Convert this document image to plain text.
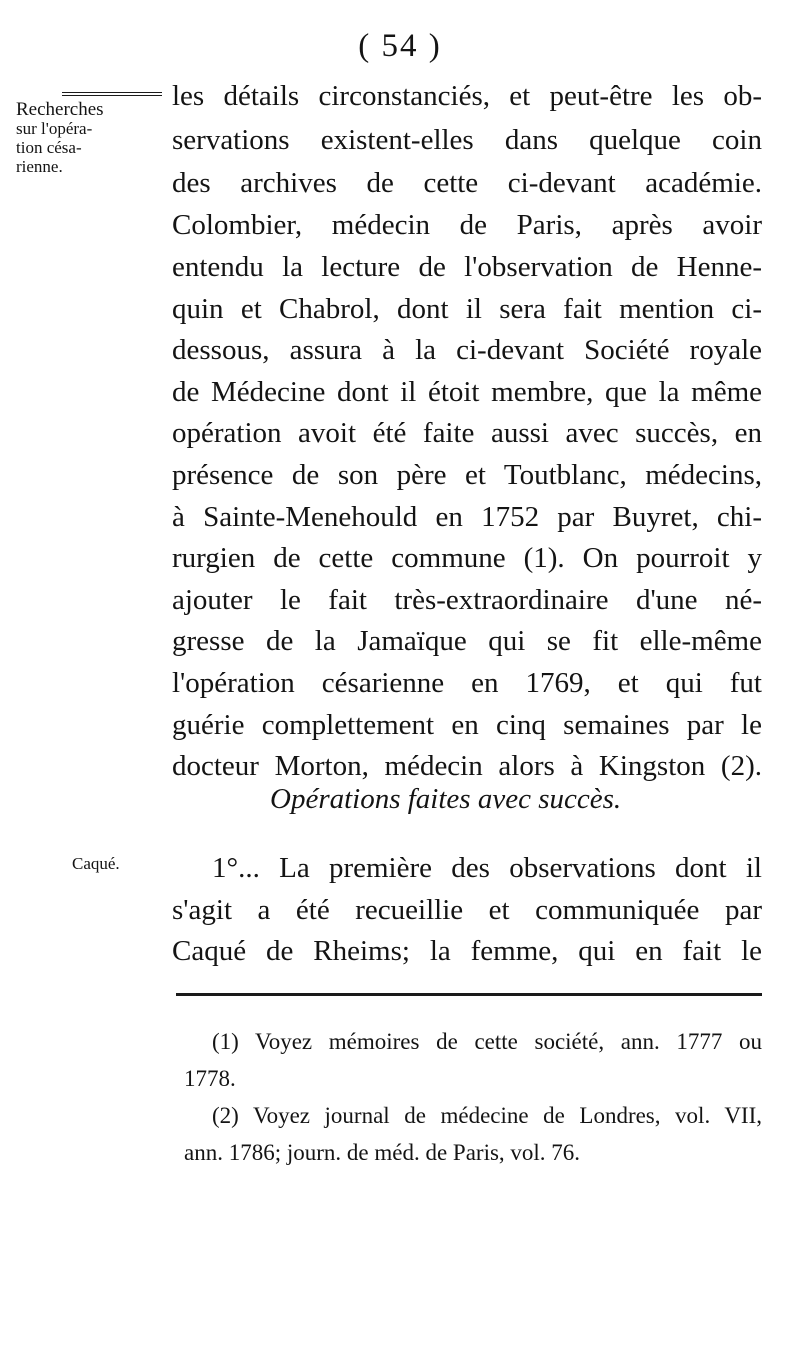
( 54 )
Recherches
sur l'opéra-
tion césa-
rienne.
les détails circonstanciés, et peut-être les ob-
servations existent-elles dans quelque coin
des archives de cette ci-devant académie.
Colombier, médecin de Paris, après avoir
entendu la lecture de l'observation de Henne-
quin et Chabrol, dont il sera fait mention ci-
dessous, assura à la ci-devant Société royale
de Médecine dont il étoit membre, que la même
opération avoit été faite aussi avec succès, en
présence de son père et Toutblanc, médecins,
à Sainte-Menehould en 1752 par Buyret, chi-
rurgien de cette commune (1). On pourroit y
ajouter le fait très-extraordinaire d'une né-
gresse de la Jamaïque qui se fit elle-même
l'opération césarienne en 1769, et qui fut
guérie complettement en cinq semaines par le
docteur Morton, médecin alors à Kingston (2).
Opérations faites avec succès.
Caqué.	1°... La première des observations dont il
s'agit a été recueillie et communiquée par
Caqué de Rheims; la femme, qui en fait le
(1) Voyez mémoires de cette société, ann. 1777 ou
1778.
(2) Voyez journal de médecine de Londres, vol. VII,
ann. 1786; journ. de méd. de Paris, vol. 76.
